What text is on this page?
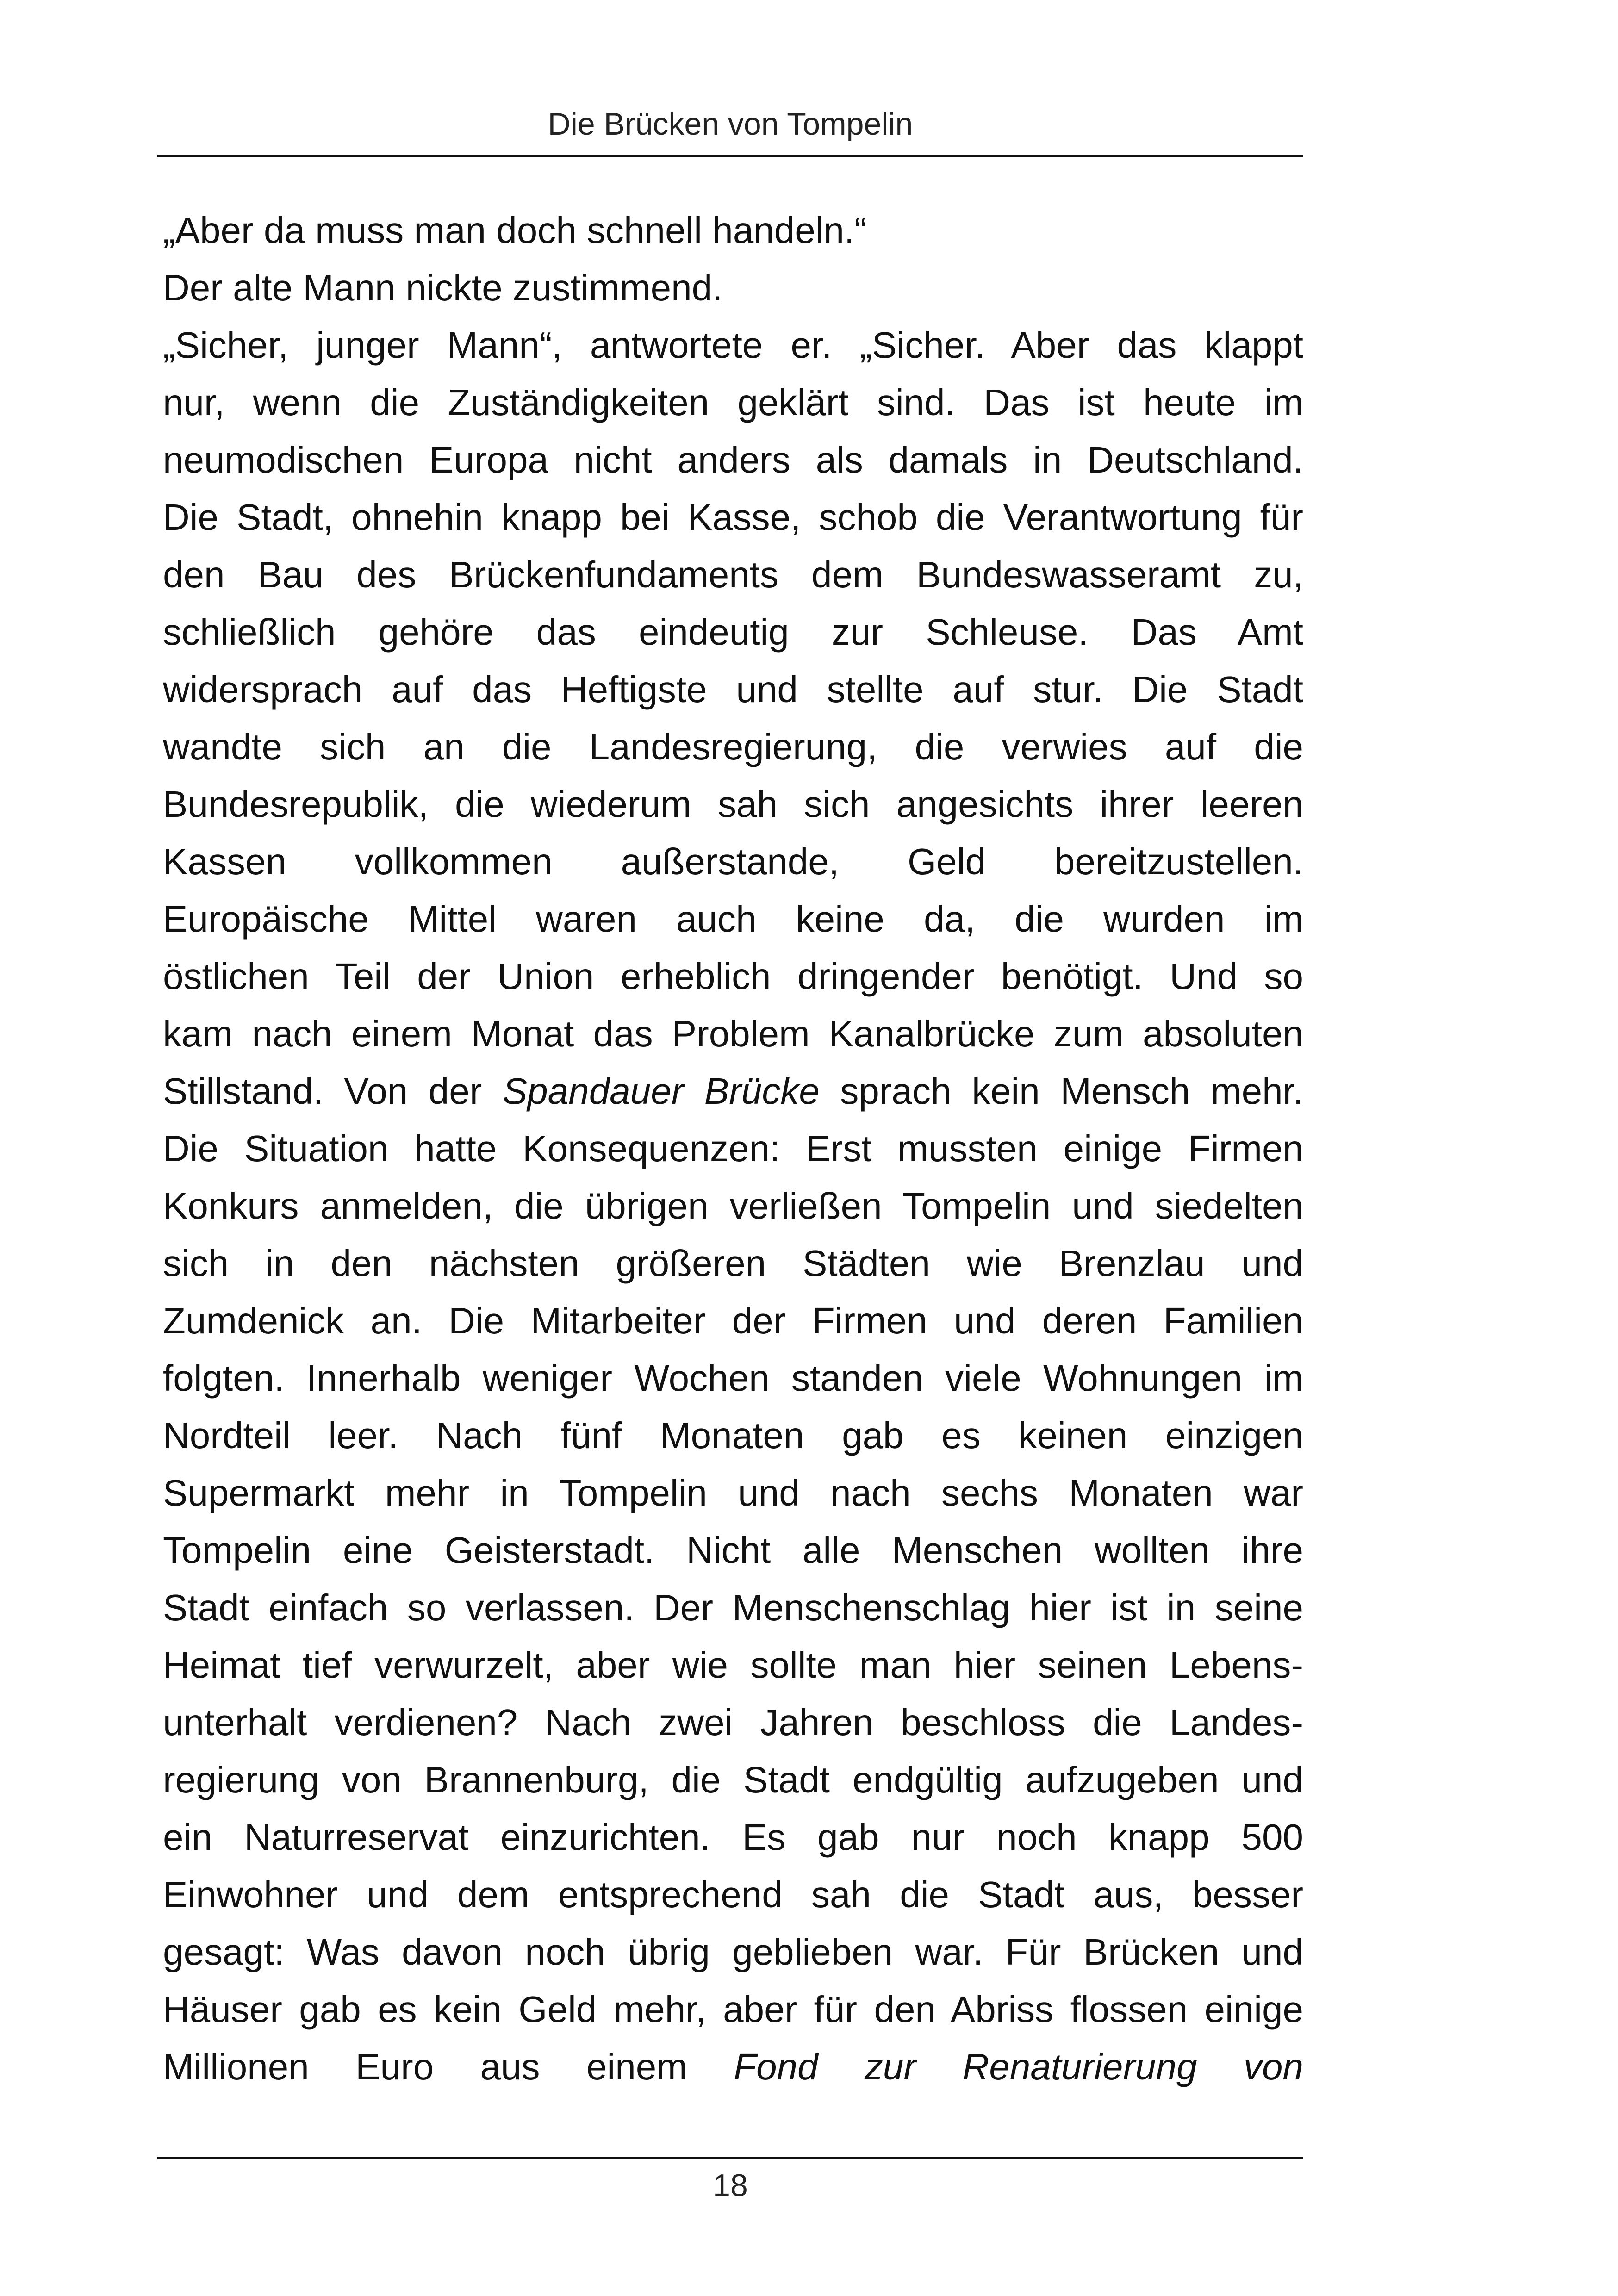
Die Brücken von Tompelin
„Aber da muss man doch schnell handeln.“
Der alte Mann nickte zustimmend.
„Sicher, junger Mann“, antwortete er. „Sicher. Aber das klappt
nur, wenn die Zuständigkeiten geklärt sind. Das ist heute im
neumodischen Europa nicht anders als damals in Deutschland.
Die Stadt, ohnehin knapp bei Kasse, schob die Verantwortung für
den Bau des Brückenfundaments dem Bundeswasseramt zu,
schließlich gehöre das eindeutig zur Schleuse. Das Amt
widersprach auf das Heftigste und stellte auf stur. Die Stadt
wandte sich an die Landesregierung, die verwies auf die
Bundesrepublik, die wiederum sah sich angesichts ihrer leeren
Kassen vollkommen außerstande, Geld bereitzustellen.
Europäische Mittel waren auch keine da, die wurden im
östlichen Teil der Union erheblich dringender benötigt. Und so
kam nach einem Monat das Problem Kanalbrücke zum absoluten
Stillstand. Von der Spandauer Brücke sprach kein Mensch mehr.
Die Situation hatte Konsequenzen: Erst mussten einige Firmen
Konkurs anmelden, die übrigen verließen Tompelin und siedelten
sich in den nächsten größeren Städten wie Brenzlau und
Zumdenick an. Die Mitarbeiter der Firmen und deren Familien
folgten. Innerhalb weniger Wochen standen viele Wohnungen im
Nordteil leer. Nach fünf Monaten gab es keinen einzigen
Supermarkt mehr in Tompelin und nach sechs Monaten war
Tompelin eine Geisterstadt. Nicht alle Menschen wollten ihre
Stadt einfach so verlassen. Der Menschenschlag hier ist in seine
Heimat tief verwurzelt, aber wie sollte man hier seinen Lebens-
unterhalt verdienen? Nach zwei Jahren beschloss die Landes-
regierung von Brannenburg, die Stadt endgültig aufzugeben und
ein Naturreservat einzurichten. Es gab nur noch knapp 500
Einwohner und dem entsprechend sah die Stadt aus, besser
gesagt: Was davon noch übrig geblieben war. Für Brücken und
Häuser gab es kein Geld mehr, aber für den Abriss flossen einige
Millionen Euro aus einem Fond zur Renaturierung von
18
